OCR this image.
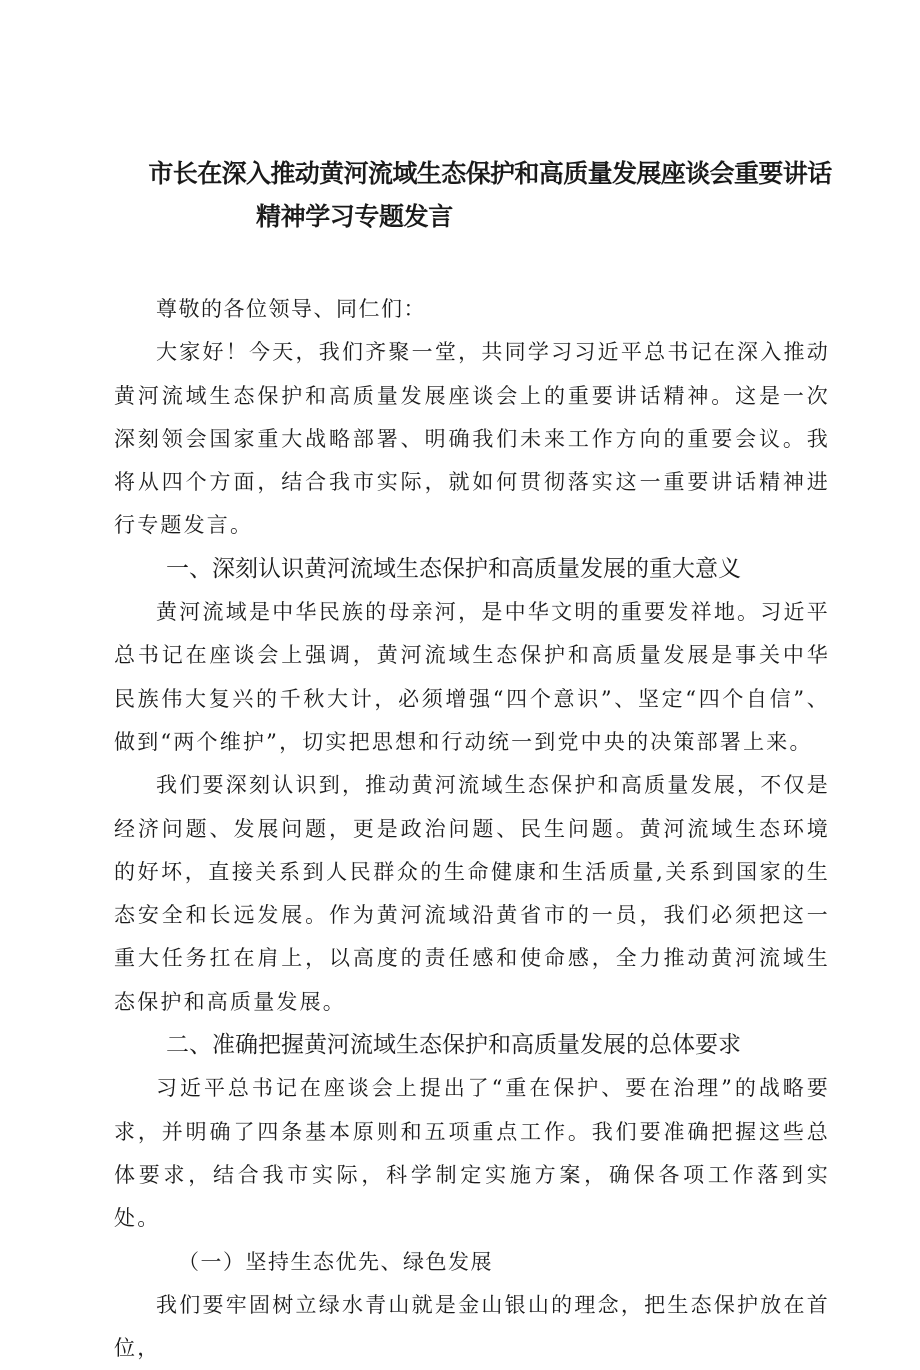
市长在深入推动黄河流域生态保护和高质量发展座谈会重要讲话
精神学习专题发言

尊敬的各位领导、同仁们：

大家好！今天，我们齐聚一堂，共同学习习近平总书记在深入推动黄河流域生态保护和高质量发展座谈会上的重要讲话精神。这是一次深刻领会国家重大战略部署、明确我们未来工作方向的重要会议。我将从四个方面，结合我市实际，就如何贯彻落实这一重要讲话精神进行专题发言。

一、深刻认识黄河流域生态保护和高质量发展的重大意义

黄河流域是中华民族的母亲河，是中华文明的重要发祥地。习近平总书记在座谈会上强调，黄河流域生态保护和高质量发展是事关中华民族伟大复兴的千秋大计，必须增强“四个意识”、坚定“四个自信”、做到“两个维护”，切实把思想和行动统一到党中央的决策部署上来。

我们要深刻认识到，推动黄河流域生态保护和高质量发展，不仅是经济问题、发展问题，更是政治问题、民生问题。黄河流域生态环境的好坏，直接关系到人民群众的生命健康和生活质量,关系到国家的生态安全和长远发展。作为黄河流域沿黄省市的一员，我们必须把这一重大任务扛在肩上，以高度的责任感和使命感，全力推动黄河流域生态保护和高质量发展。

二、准确把握黄河流域生态保护和高质量发展的总体要求

习近平总书记在座谈会上提出了“重在保护、要在治理”的战略要求，并明确了四条基本原则和五项重点工作。我们要准确把握这些总体要求，结合我市实际，科学制定实施方案，确保各项工作落到实处。

（一）坚持生态优先、绿色发展

我们要牢固树立绿水青山就是金山银山的理念，把生态保护放在首位，
